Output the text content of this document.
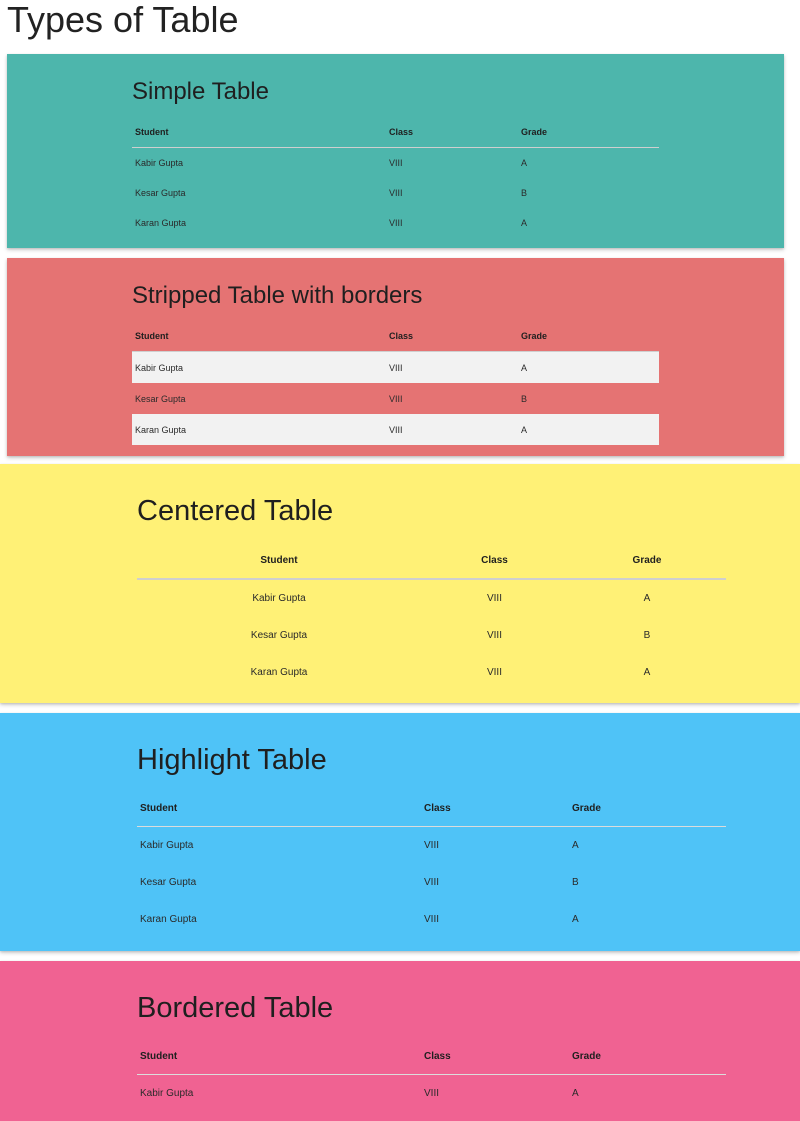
Types of Table
Simple Table
Student	Class	Grade
Kabir Gupta	VIII	A
Kesar Gupta	VIII	B
Karan Gupta	VIII	A
Stripped Table with borders
Student	Class	Grade
Kabir Gupta	VIII	A
Kesar Gupta	VIII	B
Karan Gupta	VIII	A
Centered Table
Student	Class	Grade
Kabir Gupta	VIII	A
Kesar Gupta	VIII	B
Karan Gupta	VIII	A
Highlight Table
Student	Class	Grade
Kabir Gupta	VIII	A
Kesar Gupta	VIII	B
Karan Gupta	VIII	A
Bordered Table
Student	Class	Grade
Kabir Gupta	VIII	A
